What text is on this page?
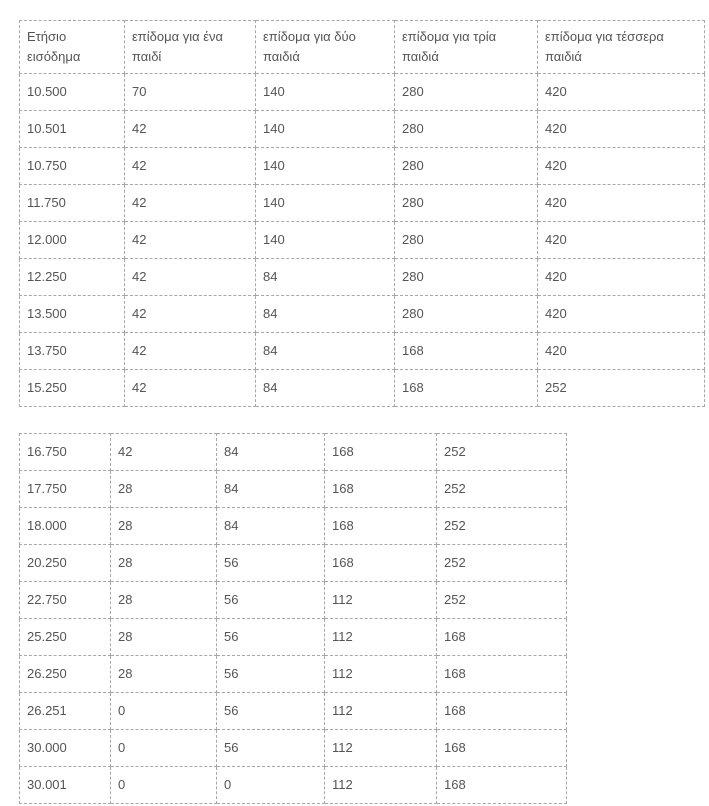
Ετήσιο εισόδημα	επίδομα για ένα παιδί	επίδομα για δύο παιδιά	επίδομα για τρία παιδιά	επίδομα για τέσσερα παιδιά
10.500	70	140	280	420
10.501	42	140	280	420
10.750	42	140	280	420
11.750	42	140	280	420
12.000	42	140	280	420
12.250	42	84	280	420
13.500	42	84	280	420
13.750	42	84	168	420
15.250	42	84	168	252
16.750	42	84	168	252
17.750	28	84	168	252
18.000	28	84	168	252
20.250	28	56	168	252
22.750	28	56	112	252
25.250	28	56	112	168
26.250	28	56	112	168
26.251	0	56	112	168
30.000	0	56	112	168
30.001	0	0	112	168
